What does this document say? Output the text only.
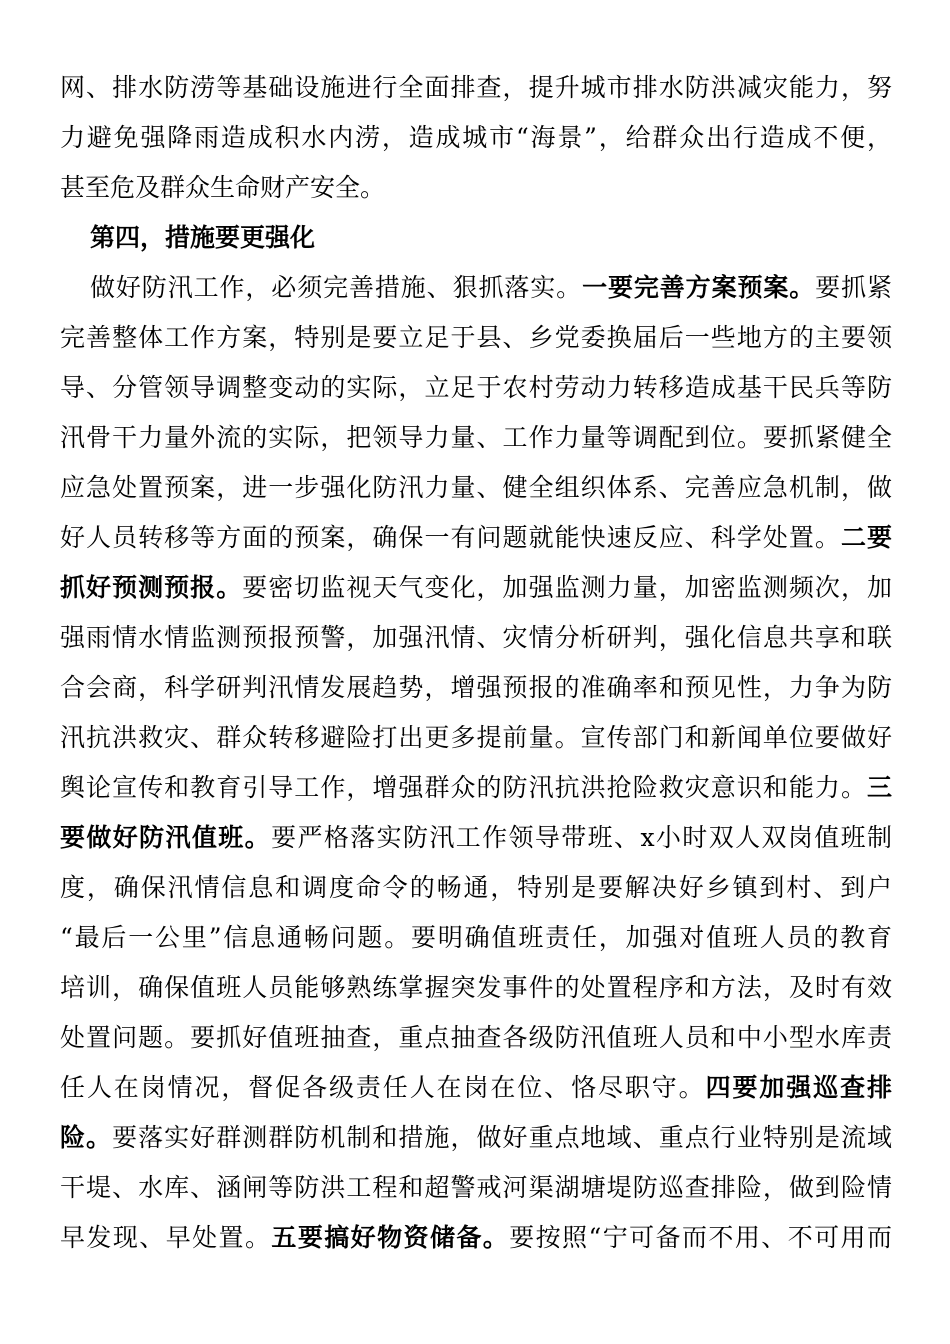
网、排水防涝等基础设施进行全面排查，提升城市排水防洪减灾能力，努
力避免强降雨造成积水内涝，造成城市“海景”，给群众出行造成不便，
甚至危及群众生命财产安全。
第四，措施要更强化
做好防汛工作，必须完善措施、狠抓落实。一要完善方案预案。要抓紧
完善整体工作方案，特别是要立足于县、乡党委换届后一些地方的主要领
导、分管领导调整变动的实际，立足于农村劳动力转移造成基干民兵等防
汛骨干力量外流的实际，把领导力量、工作力量等调配到位。要抓紧健全
应急处置预案，进一步强化防汛力量、健全组织体系、完善应急机制，做
好人员转移等方面的预案，确保一有问题就能快速反应、科学处置。二要
抓好预测预报。要密切监视天气变化，加强监测力量，加密监测频次，加
强雨情水情监测预报预警，加强汛情、灾情分析研判，强化信息共享和联
合会商，科学研判汛情发展趋势，增强预报的准确率和预见性，力争为防
汛抗洪救灾、群众转移避险打出更多提前量。宣传部门和新闻单位要做好
舆论宣传和教育引导工作，增强群众的防汛抗洪抢险救灾意识和能力。三
要做好防汛值班。要严格落实防汛工作领导带班、x小时双人双岗值班制
度，确保汛情信息和调度命令的畅通，特别是要解决好乡镇到村、到户
“最后一公里”信息通畅问题。要明确值班责任，加强对值班人员的教育
培训，确保值班人员能够熟练掌握突发事件的处置程序和方法，及时有效
处置问题。要抓好值班抽查，重点抽查各级防汛值班人员和中小型水库责
任人在岗情况，督促各级责任人在岗在位、恪尽职守。四要加强巡查排
险。要落实好群测群防机制和措施，做好重点地域、重点行业特别是流域
干堤、水库、涵闸等防洪工程和超警戒河渠湖塘堤防巡查排险，做到险情
早发现、早处置。五要搞好物资储备。要按照“宁可备而不用、不可用而
